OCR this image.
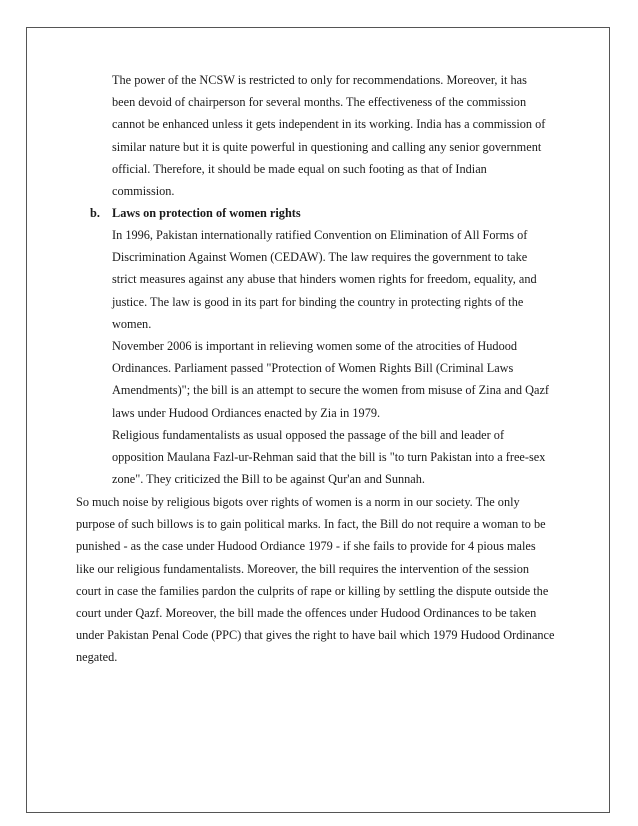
The power of the NCSW is restricted to only for recommendations. Moreover, it has
been devoid of chairperson for several months. The effectiveness of the commission
cannot be enhanced unless it gets independent in its working. India has a commission of
similar nature but it is quite powerful in questioning and calling any senior government
official. Therefore, it should be made equal on such footing as that of Indian
commission.
b. Laws on protection of women rights
In 1996, Pakistan internationally ratified Convention on Elimination of All Forms of
Discrimination Against Women (CEDAW). The law requires the government to take
strict measures against any abuse that hinders women rights for freedom, equality, and
justice. The law is good in its part for binding the country in protecting rights of the
women.
November 2006 is important in relieving women some of the atrocities of Hudood
Ordinances. Parliament passed "Protection of Women Rights Bill (Criminal Laws
Amendments)"; the bill is an attempt to secure the women from misuse of Zina and Qazf
laws under Hudood Ordiances enacted by Zia in 1979.
Religious fundamentalists as usual opposed the passage of the bill and leader of
opposition Maulana Fazl-ur-Rehman said that the bill is "to turn Pakistan into a free-sex
zone". They criticized the Bill to be against Qur'an and Sunnah.
So much noise by religious bigots over rights of women is a norm in our society. The only
purpose of such billows is to gain political marks. In fact, the Bill do not require a woman to be
punished - as the case under Hudood Ordiance 1979 - if she fails to provide for 4 pious males
like our religious fundamentalists. Moreover, the bill requires the intervention of the session
court in case the families pardon the culprits of rape or killing by settling the dispute outside the
court under Qazf. Moreover, the bill made the offences under Hudood Ordinances to be taken
under Pakistan Penal Code (PPC) that gives the right to have bail which 1979 Hudood Ordinance
negated.
